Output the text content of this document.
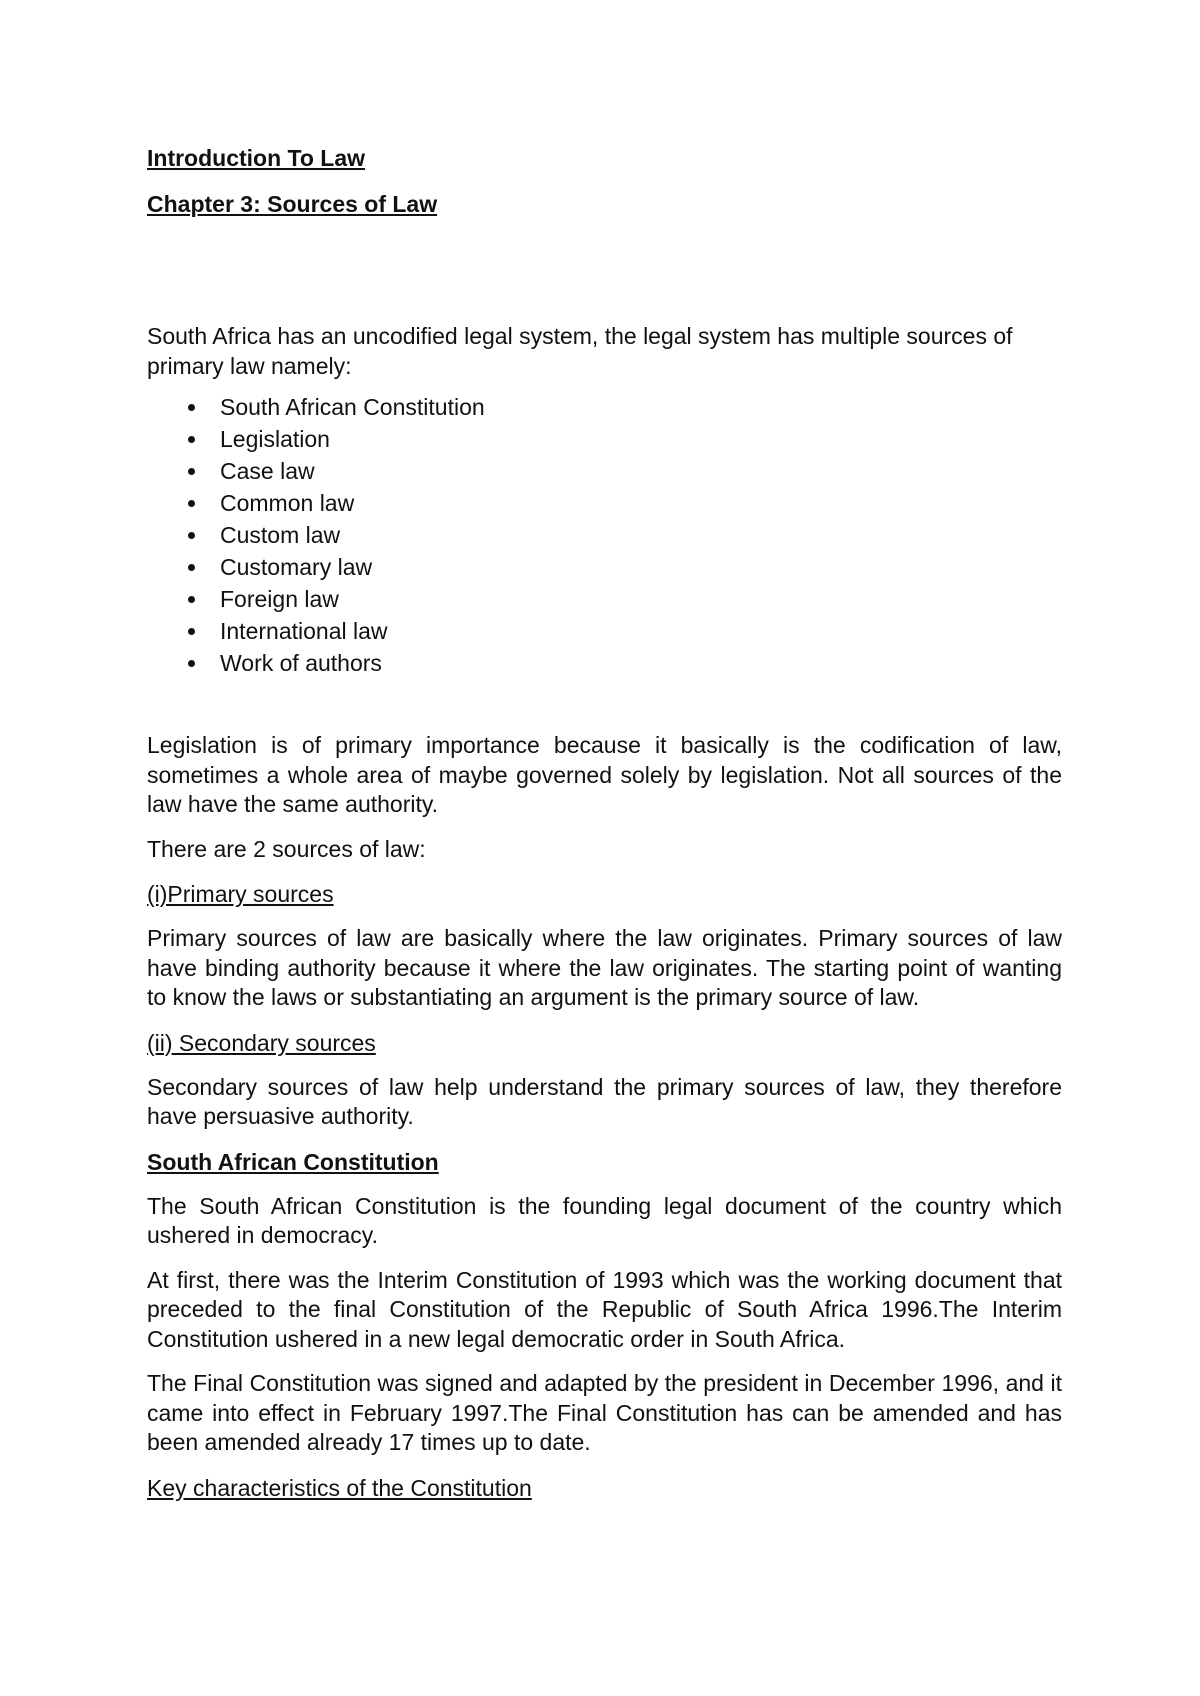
Introduction To Law
Chapter 3: Sources of Law

South Africa has an uncodified legal system, the legal system has multiple sources of primary law namely:

South African Constitution
Legislation
Case law
Common law
Custom law
Customary law
Foreign law
International law
Work of authors

Legislation is of primary importance because it basically is the codification of law, sometimes a whole area of maybe governed solely by legislation. Not all sources of the law have the same authority.

There are 2 sources of law:

(i)Primary sources

Primary sources of law are basically where the law originates. Primary sources of law have binding authority because it where the law originates. The starting point of wanting to know the laws or substantiating an argument is the primary source of law.

(ii) Secondary sources

Secondary sources of law help understand the primary sources of law, they therefore have persuasive authority.

South African Constitution

The South African Constitution is the founding legal document of the country which ushered in democracy.

At first, there was the Interim Constitution of 1993 which was the working document that preceded to the final Constitution of the Republic of South Africa 1996.The Interim Constitution ushered in a new legal democratic order in South Africa.

The Final Constitution was signed and adapted by the president in December 1996, and it came into effect in February 1997.The Final Constitution has can be amended and has been amended already 17 times up to date.

Key characteristics of the Constitution
